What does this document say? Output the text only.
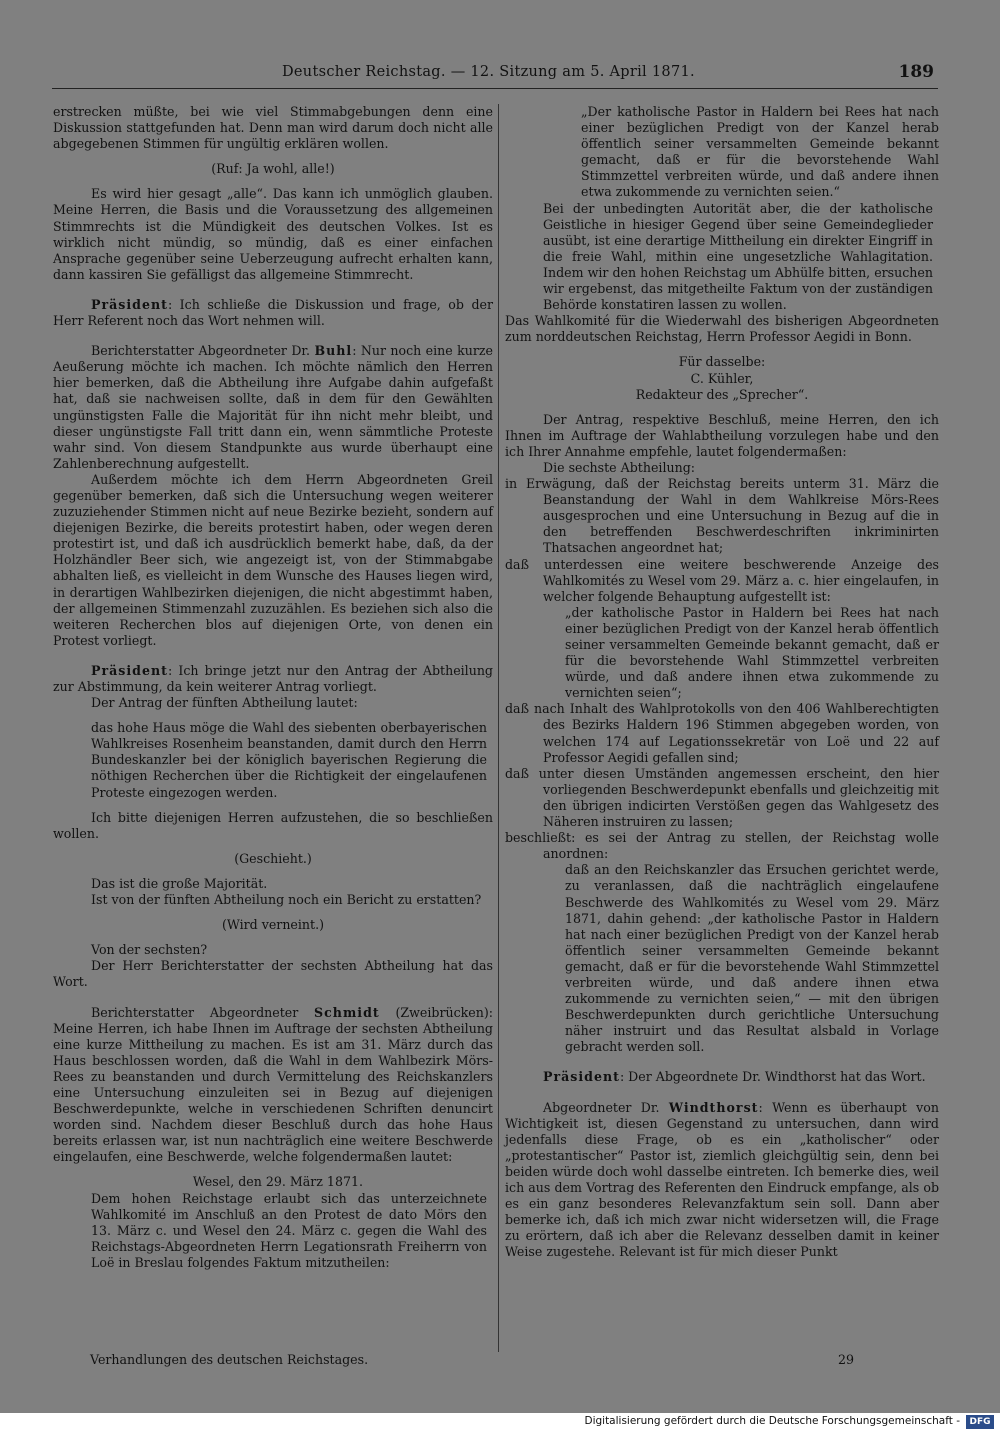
Deutscher Reichstag. — 12. Sitzung am 5. April 1871.	189

erstrecken müßte, bei wie viel Stimmabgebungen denn eine Diskussion stattgefunden hat. Denn man wird darum doch nicht alle abgegebenen Stimmen für ungültig erklären wollen.

(Ruf: Ja wohl, alle!)

Es wird hier gesagt „alle“. Das kann ich unmöglich glauben. Meine Herren, die Basis und die Voraussetzung des allgemeinen Stimmrechts ist die Mündigkeit des deutschen Volkes. Ist es wirklich nicht mündig, so mündig, daß es einer einfachen Ansprache gegenüber seine Ueberzeugung aufrecht erhalten kann, dann kassiren Sie gefälligst das allgemeine Stimmrecht.

Präsident: Ich schließe die Diskussion und frage, ob der Herr Referent noch das Wort nehmen will.

Berichterstatter Abgeordneter Dr. Buhl: Nur noch eine kurze Aeußerung möchte ich machen. Ich möchte nämlich den Herren hier bemerken, daß die Abtheilung ihre Aufgabe dahin aufgefaßt hat, daß sie nachweisen sollte, daß in dem für den Gewählten ungünstigsten Falle die Majorität für ihn nicht mehr bleibt, und dieser ungünstigste Fall tritt dann ein, wenn sämmtliche Proteste wahr sind. Von diesem Standpunkte aus wurde überhaupt eine Zahlenberechnung aufgestellt.

Außerdem möchte ich dem Herrn Abgeordneten Greil gegenüber bemerken, daß sich die Untersuchung wegen weiterer zuzuziehender Stimmen nicht auf neue Bezirke bezieht, sondern auf diejenigen Bezirke, die bereits protestirt haben, oder wegen deren protestirt ist, und daß ich ausdrücklich bemerkt habe, daß, da der Holzhändler Beer sich, wie angezeigt ist, von der Stimmabgabe abhalten ließ, es vielleicht in dem Wunsche des Hauses liegen wird, in derartigen Wahlbezirken diejenigen, die nicht abgestimmt haben, der allgemeinen Stimmenzahl zuzuzählen. Es beziehen sich also die weiteren Recherchen blos auf diejenigen Orte, von denen ein Protest vorliegt.

Präsident: Ich bringe jetzt nur den Antrag der Abtheilung zur Abstimmung, da kein weiterer Antrag vorliegt.

Der Antrag der fünften Abtheilung lautet:

das hohe Haus möge die Wahl des siebenten oberbayerischen Wahlkreises Rosenheim beanstanden, damit durch den Herrn Bundeskanzler bei der königlich bayerischen Regierung die nöthigen Recherchen über die Richtigkeit der eingelaufenen Proteste eingezogen werden.

Ich bitte diejenigen Herren aufzustehen, die so beschließen wollen.

(Geschieht.)

Das ist die große Majorität.

Ist von der fünften Abtheilung noch ein Bericht zu erstatten?

(Wird verneint.)

Von der sechsten?

Der Herr Berichterstatter der sechsten Abtheilung hat das Wort.

Berichterstatter Abgeordneter Schmidt (Zweibrücken): Meine Herren, ich habe Ihnen im Auftrage der sechsten Abtheilung eine kurze Mittheilung zu machen. Es ist am 31. März durch das Haus beschlossen worden, daß die Wahl in dem Wahlbezirk Mörs-Rees zu beanstanden und durch Vermittelung des Reichskanzlers eine Untersuchung einzuleiten sei in Bezug auf diejenigen Beschwerdepunkte, welche in verschiedenen Schriften denuncirt worden sind. Nachdem dieser Beschluß durch das hohe Haus bereits erlassen war, ist nun nachträglich eine weitere Beschwerde eingelaufen, eine Beschwerde, welche folgendermaßen lautet:

Wesel, den 29. März 1871.

Dem hohen Reichstage erlaubt sich das unterzeichnete Wahlkomité im Anschluß an den Protest de dato Mörs den 13. März c. und Wesel den 24. März c. gegen die Wahl des Reichstags-Abgeordneten Herrn Legationsrath Freiherrn von Loë in Breslau folgendes Faktum mitzutheilen:

„Der katholische Pastor in Haldern bei Rees hat nach einer bezüglichen Predigt von der Kanzel herab öffentlich seiner versammelten Gemeinde bekannt gemacht, daß er für die bevorstehende Wahl Stimmzettel verbreiten würde, und daß andere ihnen etwa zukommende zu vernichten seien.“

Bei der unbedingten Autorität aber, die der katholische Geistliche in hiesiger Gegend über seine Gemeindeglieder ausübt, ist eine derartige Mittheilung ein direkter Eingriff in die freie Wahl, mithin eine ungesetzliche Wahlagitation. Indem wir den hohen Reichstag um Abhülfe bitten, ersuchen wir ergebenst, das mitgetheilte Faktum von der zuständigen Behörde konstatiren lassen zu wollen.

Das Wahlkomité für die Wiederwahl des bisherigen Abgeordneten zum norddeutschen Reichstag, Herrn Professor Aegidi in Bonn.

Für dasselbe:

C. Kühler,

Redakteur des „Sprecher“.

Der Antrag, respektive Beschluß, meine Herren, den ich Ihnen im Auftrage der Wahlabtheilung vorzulegen habe und den ich Ihrer Annahme empfehle, lautet folgendermaßen:

Die sechste Abtheilung:

in Erwägung, daß der Reichstag bereits unterm 31. März die Beanstandung der Wahl in dem Wahlkreise Mörs-Rees ausgesprochen und eine Untersuchung in Bezug auf die in den betreffenden Beschwerdeschriften inkriminirten Thatsachen angeordnet hat;

daß unterdessen eine weitere beschwerende Anzeige des Wahlkomités zu Wesel vom 29. März a. c. hier eingelaufen, in welcher folgende Behauptung aufgestellt ist:

„der katholische Pastor in Haldern bei Rees hat nach einer bezüglichen Predigt von der Kanzel herab öffentlich seiner versammelten Gemeinde bekannt gemacht, daß er für die bevorstehende Wahl Stimmzettel verbreiten würde, und daß andere ihnen etwa zukommende zu vernichten seien“;

daß nach Inhalt des Wahlprotokolls von den 406 Wahlberechtigten des Bezirks Haldern 196 Stimmen abgegeben worden, von welchen 174 auf Legationssekretär von Loë und 22 auf Professor Aegidi gefallen sind;

daß unter diesen Umständen angemessen erscheint, den hier vorliegenden Beschwerdepunkt ebenfalls und gleichzeitig mit den übrigen indicirten Verstößen gegen das Wahlgesetz des Näheren instruiren zu lassen;

beschließt: es sei der Antrag zu stellen, der Reichstag wolle anordnen:

daß an den Reichskanzler das Ersuchen gerichtet werde, zu veranlassen, daß die nachträglich eingelaufene Beschwerde des Wahlkomités zu Wesel vom 29. März 1871, dahin gehend: „der katholische Pastor in Haldern hat nach einer bezüglichen Predigt von der Kanzel herab öffentlich seiner versammelten Gemeinde bekannt gemacht, daß er für die bevorstehende Wahl Stimmzettel verbreiten würde, und daß andere ihnen etwa zukommende zu vernichten seien,“ — mit den übrigen Beschwerdepunkten durch gerichtliche Untersuchung näher instruirt und das Resultat alsbald in Vorlage gebracht werden soll.

Präsident: Der Abgeordnete Dr. Windthorst hat das Wort.

Abgeordneter Dr. Windthorst: Wenn es überhaupt von Wichtigkeit ist, diesen Gegenstand zu untersuchen, dann wird jedenfalls diese Frage, ob es ein „katholischer“ oder „protestantischer“ Pastor ist, ziemlich gleichgültig sein, denn bei beiden würde doch wohl dasselbe eintreten. Ich bemerke dies, weil ich aus dem Vortrag des Referenten den Eindruck empfange, als ob es ein ganz besonderes Relevanzfaktum sein soll. Dann aber bemerke ich, daß ich mich zwar nicht widersetzen will, die Frage zu erörtern, daß ich aber die Relevanz desselben damit in keiner Weise zugestehe. Relevant ist für mich dieser Punkt

Verhandlungen des deutschen Reichstages.	29
Digitalisierung gefördert durch die Deutsche Forschungsgemeinschaft -	DFG
